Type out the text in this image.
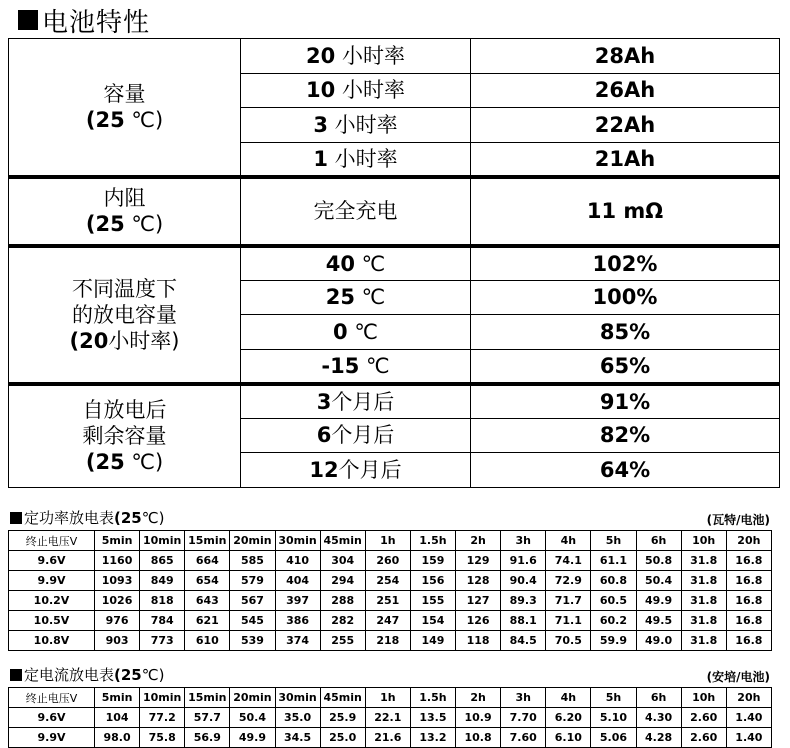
电池特性
容量
(25 ℃)	20 小时率	28Ah
	10 小时率	26Ah
	3 小时率	22Ah
	1 小时率	21Ah

内阻
(25 ℃)	完全充电	11 mΩ

不同温度下
的放电容量
(20小时率)	40 ℃	102%
	25 ℃	100%
	0 ℃	85%
	-15 ℃	65%

自放电后
剩余容量
(25 ℃)	3个月后	91%
	6个月后	82%
	12个月后	64%
定功率放电表 (25 ℃)	(瓦特/电池)
终止电压V	5min	10min	15min	20min	30min	45min	1h	1.5h	2h	3h	4h	5h	6h	10h	20h
9.6V	1160	865	664	585	410	304	260	159	129	91.6	74.1	61.1	50.8	31.8	16.8
9.9V	1093	849	654	579	404	294	254	156	128	90.4	72.9	60.8	50.4	31.8	16.8
10.2V	1026	818	643	567	397	288	251	155	127	89.3	71.7	60.5	49.9	31.8	16.8
10.5V	976	784	621	545	386	282	247	154	126	88.1	71.1	60.2	49.5	31.8	16.8
10.8V	903	773	610	539	374	255	218	149	118	84.5	70.5	59.9	49.0	31.8	16.8
定电流放电表 (25 ℃)	(安培/电池)
终止电压V	5min	10min	15min	20min	30min	45min	1h	1.5h	2h	3h	4h	5h	6h	10h	20h
9.6V	104	77.2	57.7	50.4	35.0	25.9	22.1	13.5	10.9	7.70	6.20	5.10	4.30	2.60	1.40
9.9V	98.0	75.8	56.9	49.9	34.5	25.0	21.6	13.2	10.8	7.60	6.10	5.06	4.28	2.60	1.40
